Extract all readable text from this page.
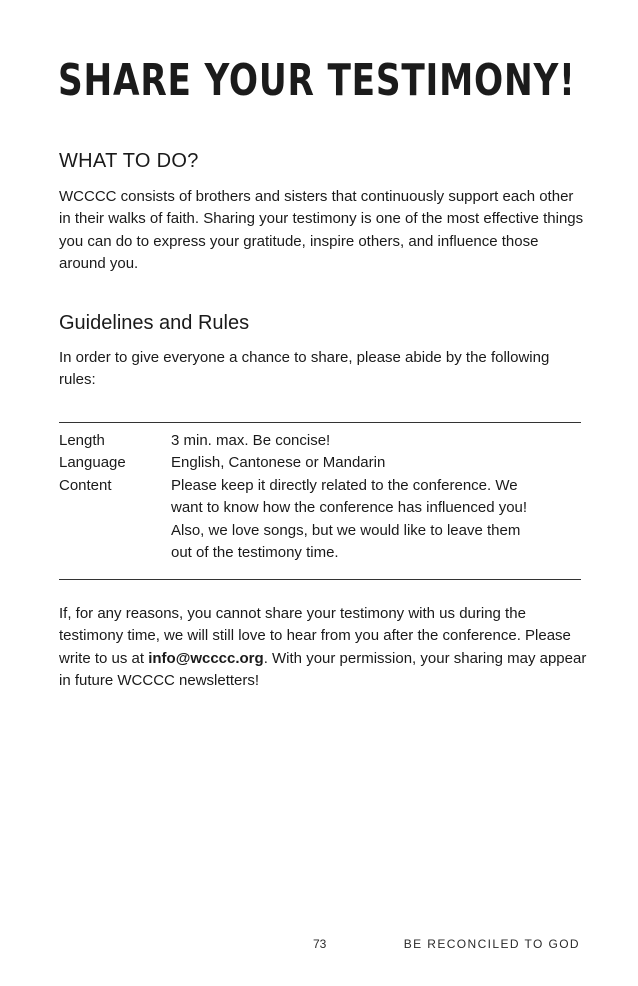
SHARE YOUR TESTIMONY!
WHAT TO DO?

WCCCC consists of brothers and sisters that continuously support each other in their walks of faith. Sharing your testimony is one of the most effective things you can do to express your gratitude, inspire others, and influence those around you.

Guidelines and Rules

In order to give everyone a chance to share, please abide by the following rules:

Length	3 min. max. Be concise!
Language	English, Cantonese or Mandarin
Content	Please keep it directly related to the conference. We want to know how the conference has influenced you! Also, we love songs, but we would like to leave them out of the testimony time.

If, for any reasons, you cannot share your testimony with us during the testimony time, we will still love to hear from you after the conference. Please write to us at info@wcccc.org. With your permission, your sharing may appear in future WCCCC newsletters!

73	BE RECONCILED TO GOD
